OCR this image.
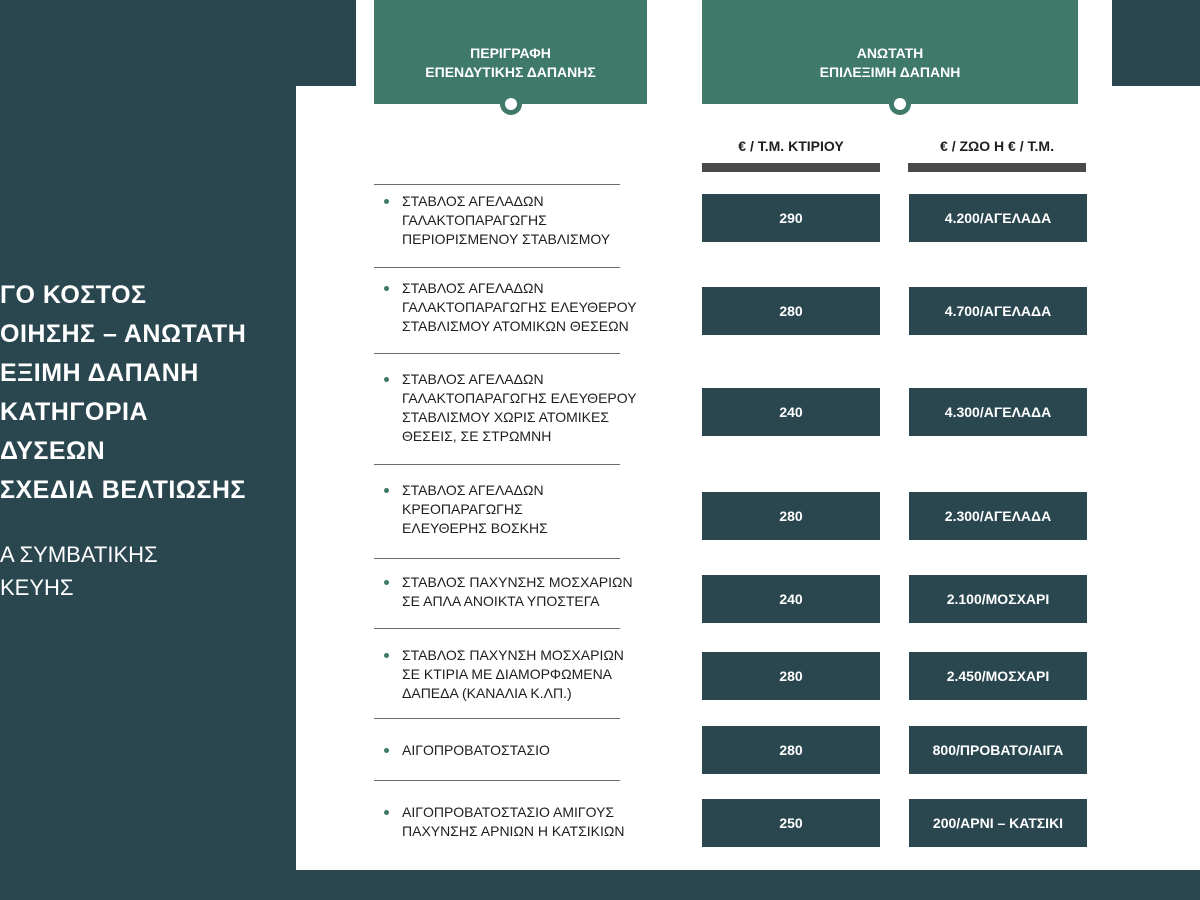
ΓΟ ΚΟΣΤΟΣ
ΟΙΗΣΗΣ – ΑΝΩΤΑΤΗ
ΕΞΙΜΗ ΔΑΠΑΝΗ
ΚΑΤΗΓΟΡΙΑ
ΔΥΣΕΩΝ
ΣΧΕΔΙΑ ΒΕΛΤΙΩΣΗΣ
Α ΣΥΜΒΑΤΙΚΗΣ
ΚΕΥΗΣ
ΠΕΡΙΓΡΑΦΗ
ΕΠΕΝΔΥΤΙΚΗΣ ΔΑΠΑΝΗΣ
ΑΝΩΤΑΤΗ
ΕΠΙΛΕΞΙΜΗ ΔΑΠΑΝΗ
€ / Τ.Μ. ΚΤΙΡΙΟΥ	€ / ΖΩΟ Η € / Τ.Μ.
ΣΤΑΒΛΟΣ ΑΓΕΛΑΔΩΝ
ΓΑΛΑΚΤΟΠΑΡΑΓΩΓΗΣ
ΠΕΡΙΟΡΙΣΜΕΝΟΥ ΣΤΑΒΛΙΣΜΟΥ
290	4.200/ΑΓΕΛΑΔΑ
ΣΤΑΒΛΟΣ ΑΓΕΛΑΔΩΝ
ΓΑΛΑΚΤΟΠΑΡΑΓΩΓΗΣ ΕΛΕΥΘΕΡΟΥ
ΣΤΑΒΛΙΣΜΟΥ ΑΤΟΜΙΚΩΝ ΘΕΣΕΩΝ
280	4.700/ΑΓΕΛΑΔΑ
ΣΤΑΒΛΟΣ ΑΓΕΛΑΔΩΝ
ΓΑΛΑΚΤΟΠΑΡΑΓΩΓΗΣ ΕΛΕΥΘΕΡΟΥ
ΣΤΑΒΛΙΣΜΟΥ ΧΩΡΙΣ ΑΤΟΜΙΚΕΣ
ΘΕΣΕΙΣ, ΣΕ ΣΤΡΩΜΝΗ
240	4.300/ΑΓΕΛΑΔΑ
ΣΤΑΒΛΟΣ ΑΓΕΛΑΔΩΝ
ΚΡΕΟΠΑΡΑΓΩΓΗΣ
ΕΛΕΥΘΕΡΗΣ ΒΟΣΚΗΣ
280	2.300/ΑΓΕΛΑΔΑ
ΣΤΑΒΛΟΣ ΠΑΧΥΝΣΗΣ ΜΟΣΧΑΡΙΩΝ
ΣΕ ΑΠΛΑ ΑΝΟΙΚΤΑ ΥΠΟΣΤΕΓΑ	240	2.100/ΜΟΣΧΑΡΙ
ΣΤΑΒΛΟΣ ΠΑΧΥΝΣΗ ΜΟΣΧΑΡΙΩΝ
ΣΕ ΚΤΙΡΙΑ ΜΕ ΔΙΑΜΟΡΦΩΜΕΝΑ
ΔΑΠΕΔΑ (ΚΑΝΑΛΙΑ Κ.ΛΠ.)
280	2.450/ΜΟΣΧΑΡΙ
ΑΙΓΟΠΡΟΒΑΤΟΣΤΑΣΙΟ	280	800/ΠΡΟΒΑΤΟ/ΑΙΓΑ
ΑΙΓΟΠΡΟΒΑΤΟΣΤΑΣΙΟ ΑΜΙΓΟΥΣ
ΠΑΧΥΝΣΗΣ ΑΡΝΙΩΝ Η ΚΑΤΣΙΚΙΩΝ	250	200/ΑΡΝΙ – ΚΑΤΣΙΚΙ
